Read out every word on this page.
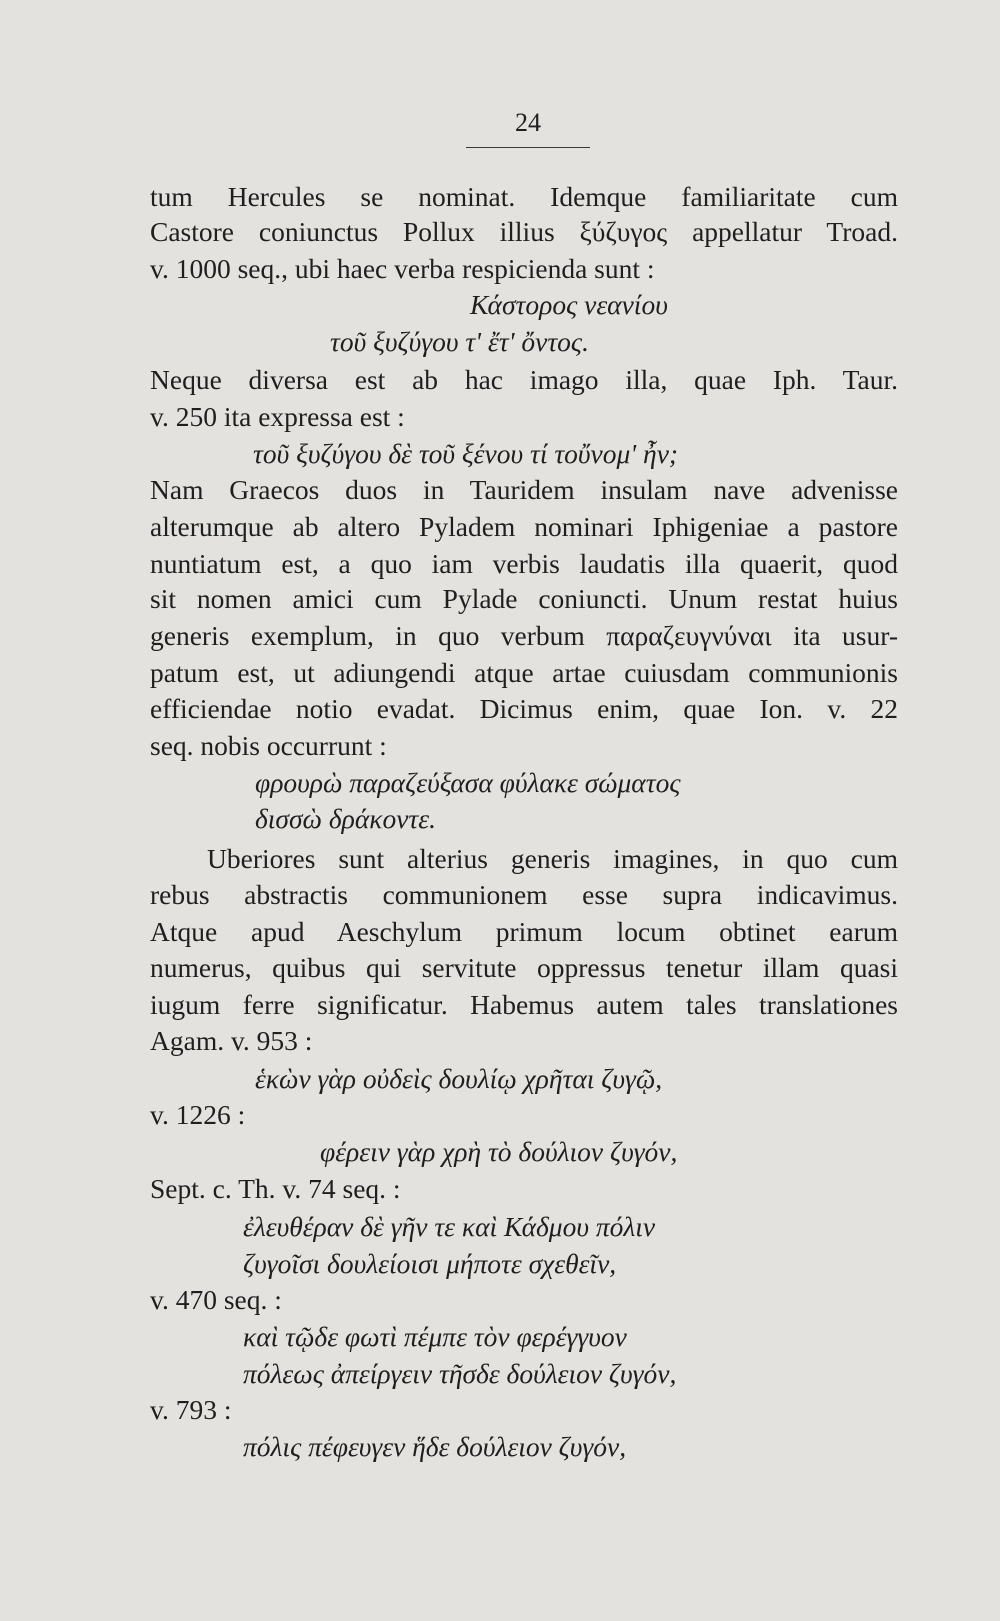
24
tum Hercules se nominat. Idemque familiaritate cum
Castore coniunctus Pollux illius ξύζυγος appellatur Troad.
v. 1000 seq., ubi haec verba respicienda sunt :
Κάστορος νεανίου
τοῦ ξυζύγου τ' ἔτ' ὄντος.
Neque diversa est ab hac imago illa, quae Iph. Taur.
v. 250 ita expressa est :
τοῦ ξυζύγου δὲ τοῦ ξένου τί τοὔνομ' ἦν;
Nam Graecos duos in Tauridem insulam nave advenisse
alterumque ab altero Pyladem nominari Iphigeniae a pastore
nuntiatum est, a quo iam verbis laudatis illa quaerit, quod
sit nomen amici cum Pylade coniuncti. Unum restat huius
generis exemplum, in quo verbum παραζευγνύναι ita usur-
patum est, ut adiungendi atque artae cuiusdam communionis
efficiendae notio evadat. Dicimus enim, quae Ion. v. 22
seq. nobis occurrunt :
φρουρὼ παραζεύξασα φύλακε σώματος
δισσὼ δράκοντε.
Uberiores sunt alterius generis imagines, in quo cum
rebus abstractis communionem esse supra indicavimus.
Atque apud Aeschylum primum locum obtinet earum
numerus, quibus qui servitute oppressus tenetur illam quasi
iugum ferre significatur. Habemus autem tales translationes
Agam. v. 953 :
ἑκὼν γὰρ οὐδεὶς δουλίῳ χρῆται ζυγῷ,
v. 1226 :
φέρειν γὰρ χρὴ τὸ δούλιον ζυγόν,
Sept. c. Th. v. 74 seq. :
ἐλευθέραν δὲ γῆν τε καὶ Κάδμου πόλιν
ζυγοῖσι δουλείοισι μήποτε σχεθεῖν,
v. 470 seq. :
καὶ τῷδε φωτὶ πέμπε τὸν φερέγγυον
πόλεως ἀπείργειν τῆσδε δούλειον ζυγόν,
v. 793 :
πόλις πέφευγεν ἥδε δούλειον ζυγόν,
